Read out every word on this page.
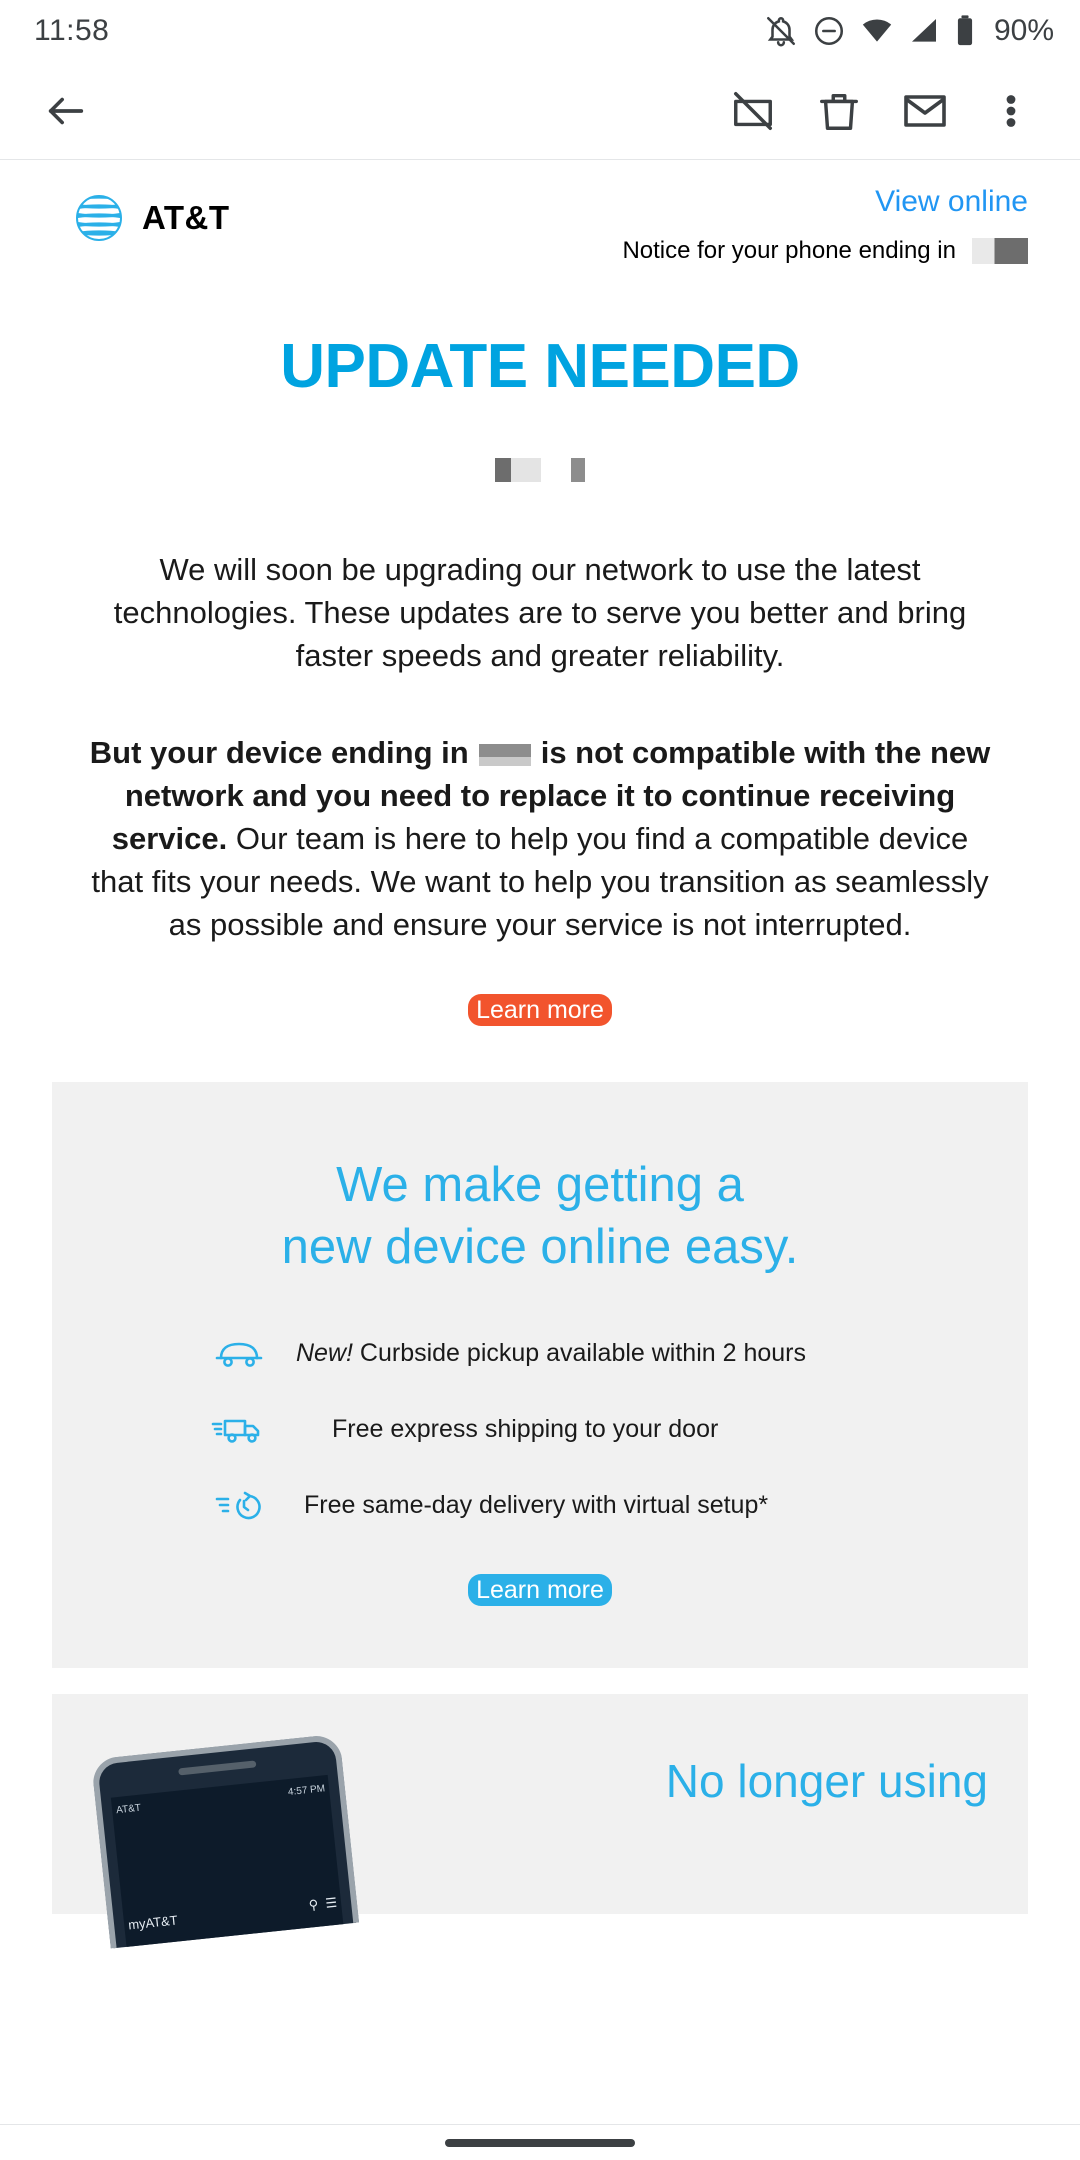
11:58	90%
AT&T	View online
Notice for your phone ending in
UPDATE NEEDED

We will soon be upgrading our network to use the latest technologies. These updates are to serve you better and bring faster speeds and greater reliability.

But your device ending in is not compatible with the new network and you need to replace it to continue receiving service. Our team is here to help you find a compatible device that fits your needs. We want to help you transition as seamlessly as possible and ensure your service is not interrupted.

Learn more
We make getting a
new device online easy.
New! Curbside pickup available within 2 hours
Free express shipping to your door
Free same-day delivery with virtual setup*
Learn more
AT&T
4:57 PM
myAT&T
⚲  ☰
No longer using
